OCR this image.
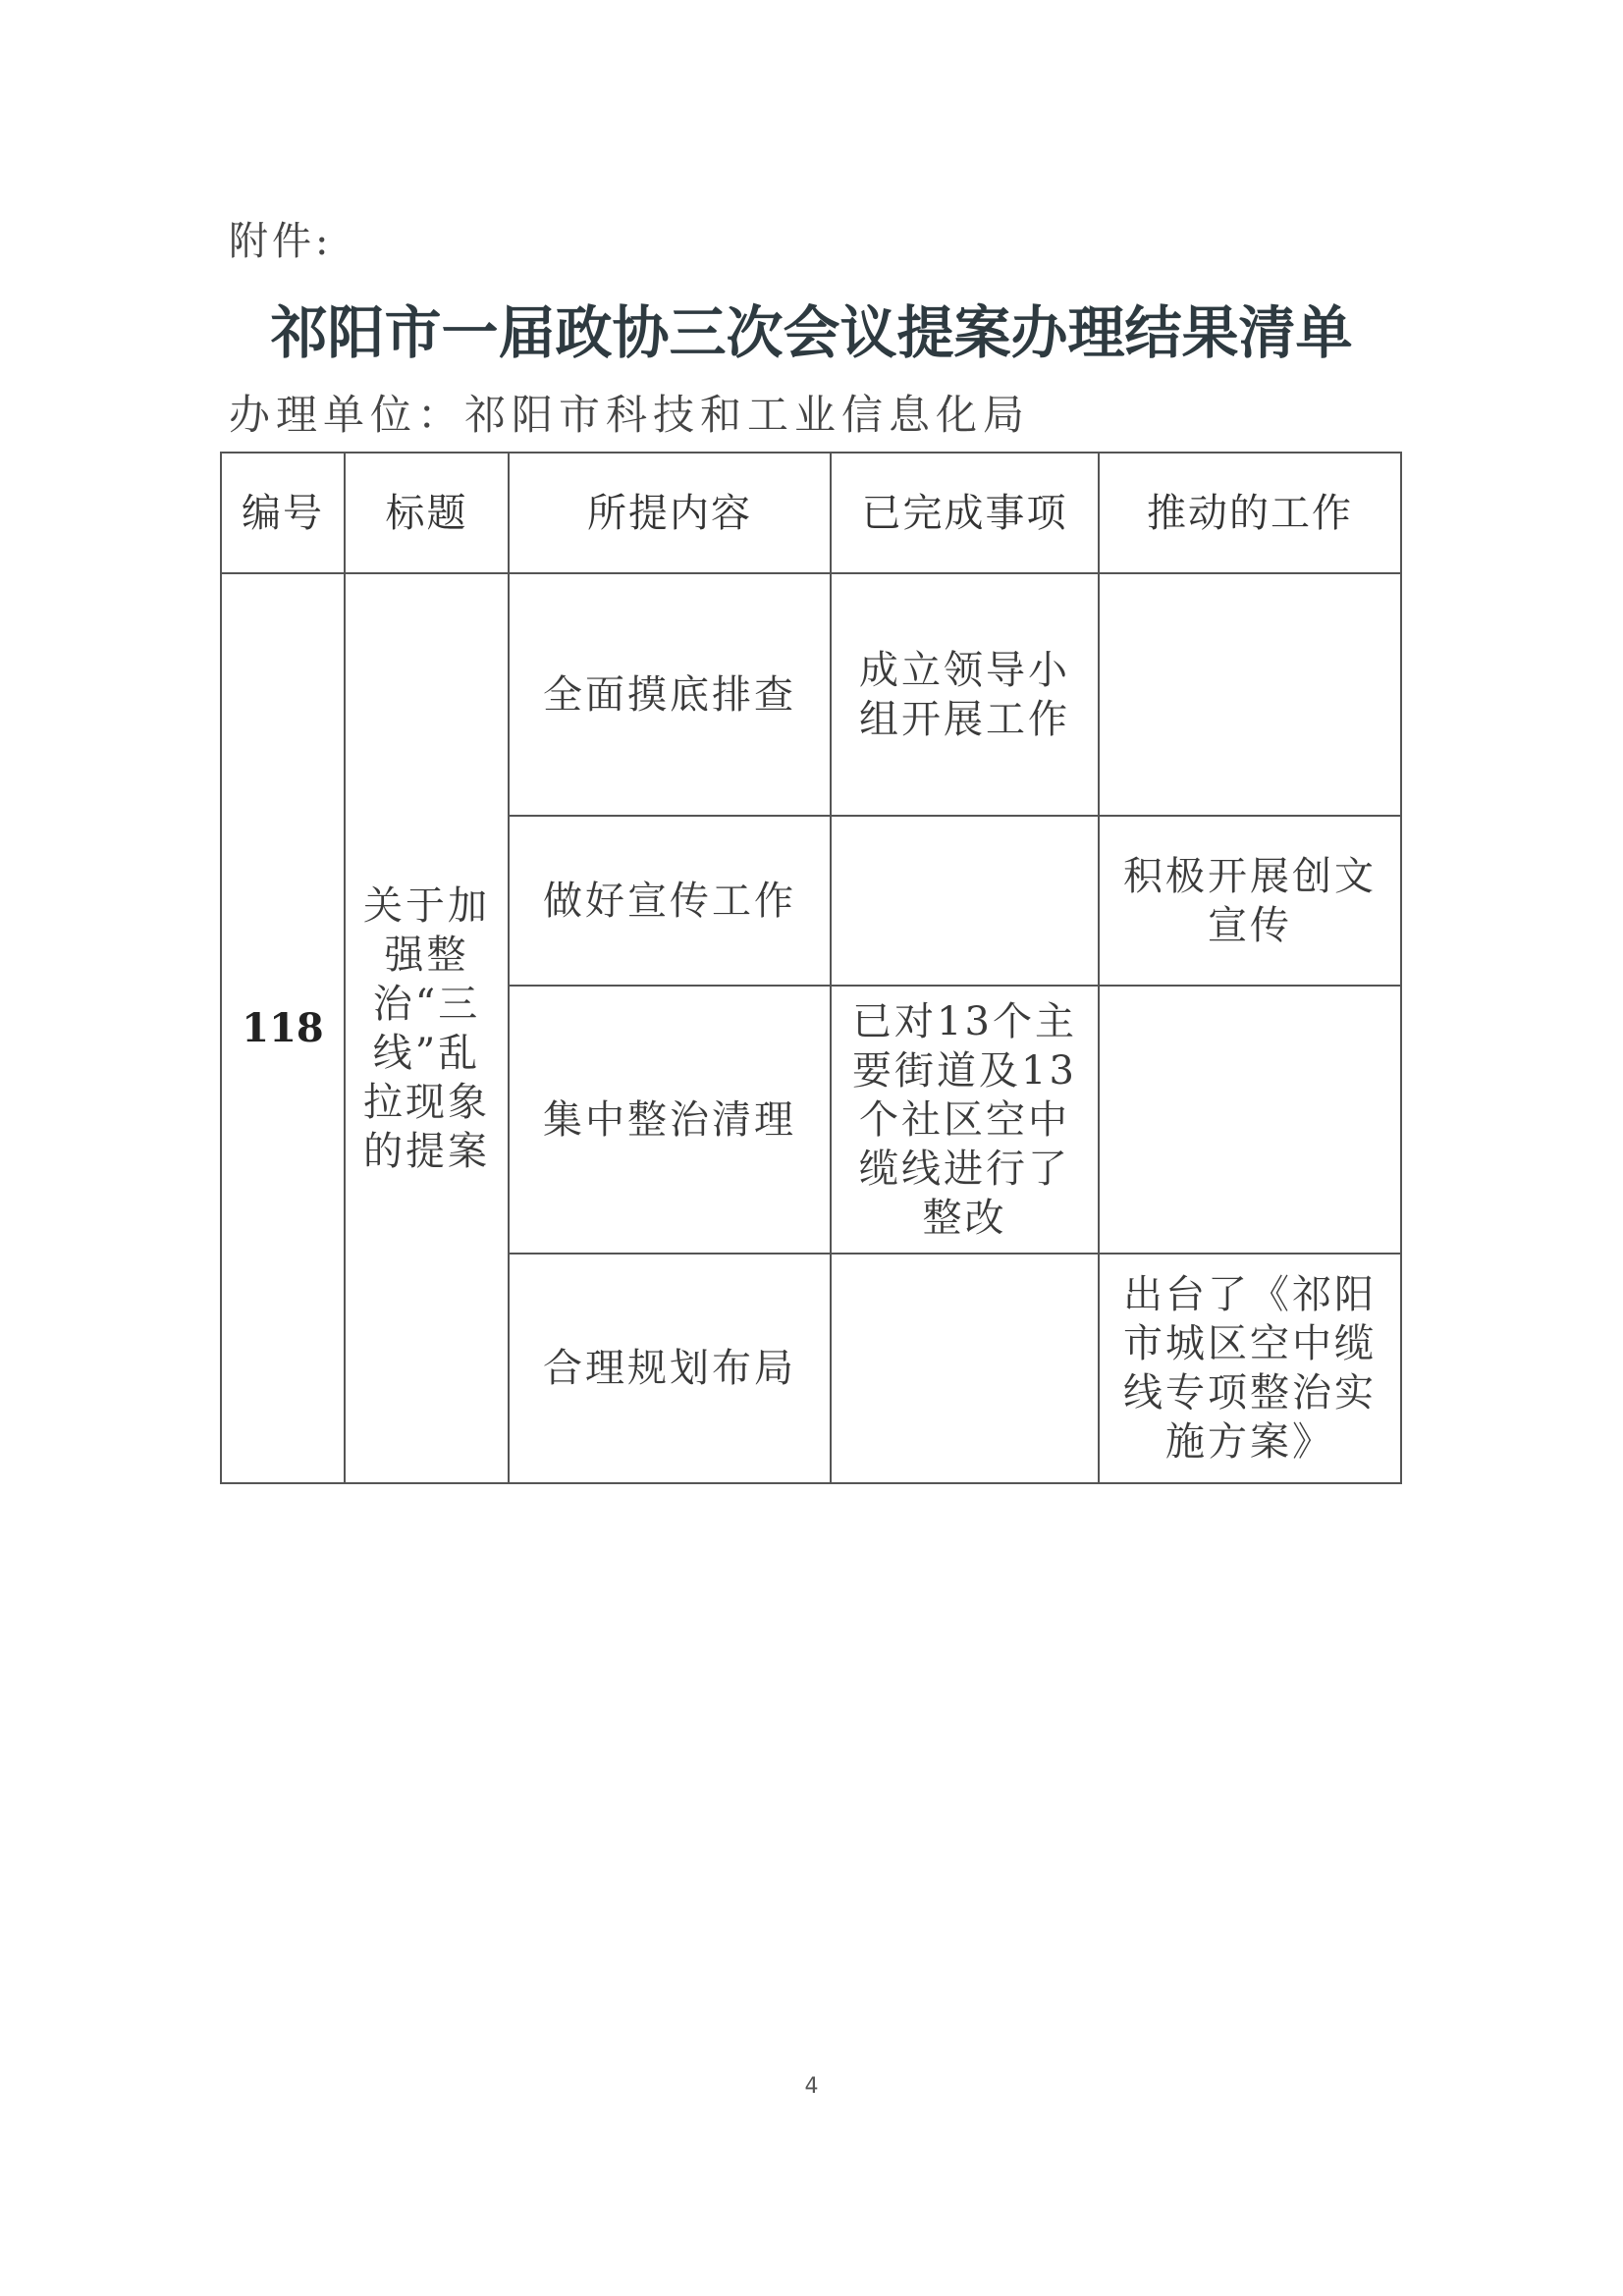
附件:
祁阳市一届政协三次会议提案办理结果清单
办理单位：祁阳市科技和工业信息化局
编号	标题	所提内容	已完成事项	推动的工作
118	关于加强整治“三线”乱拉现象的提案	全面摸底排查	成立领导小组开展工作	
		做好宣传工作		积极开展创文宣传
		集中整治清理	已对13个主要街道及13个社区空中缆线进行了整改	
		合理规划布局		出台了《祁阳市城区空中缆线专项整治实施方案》
4
